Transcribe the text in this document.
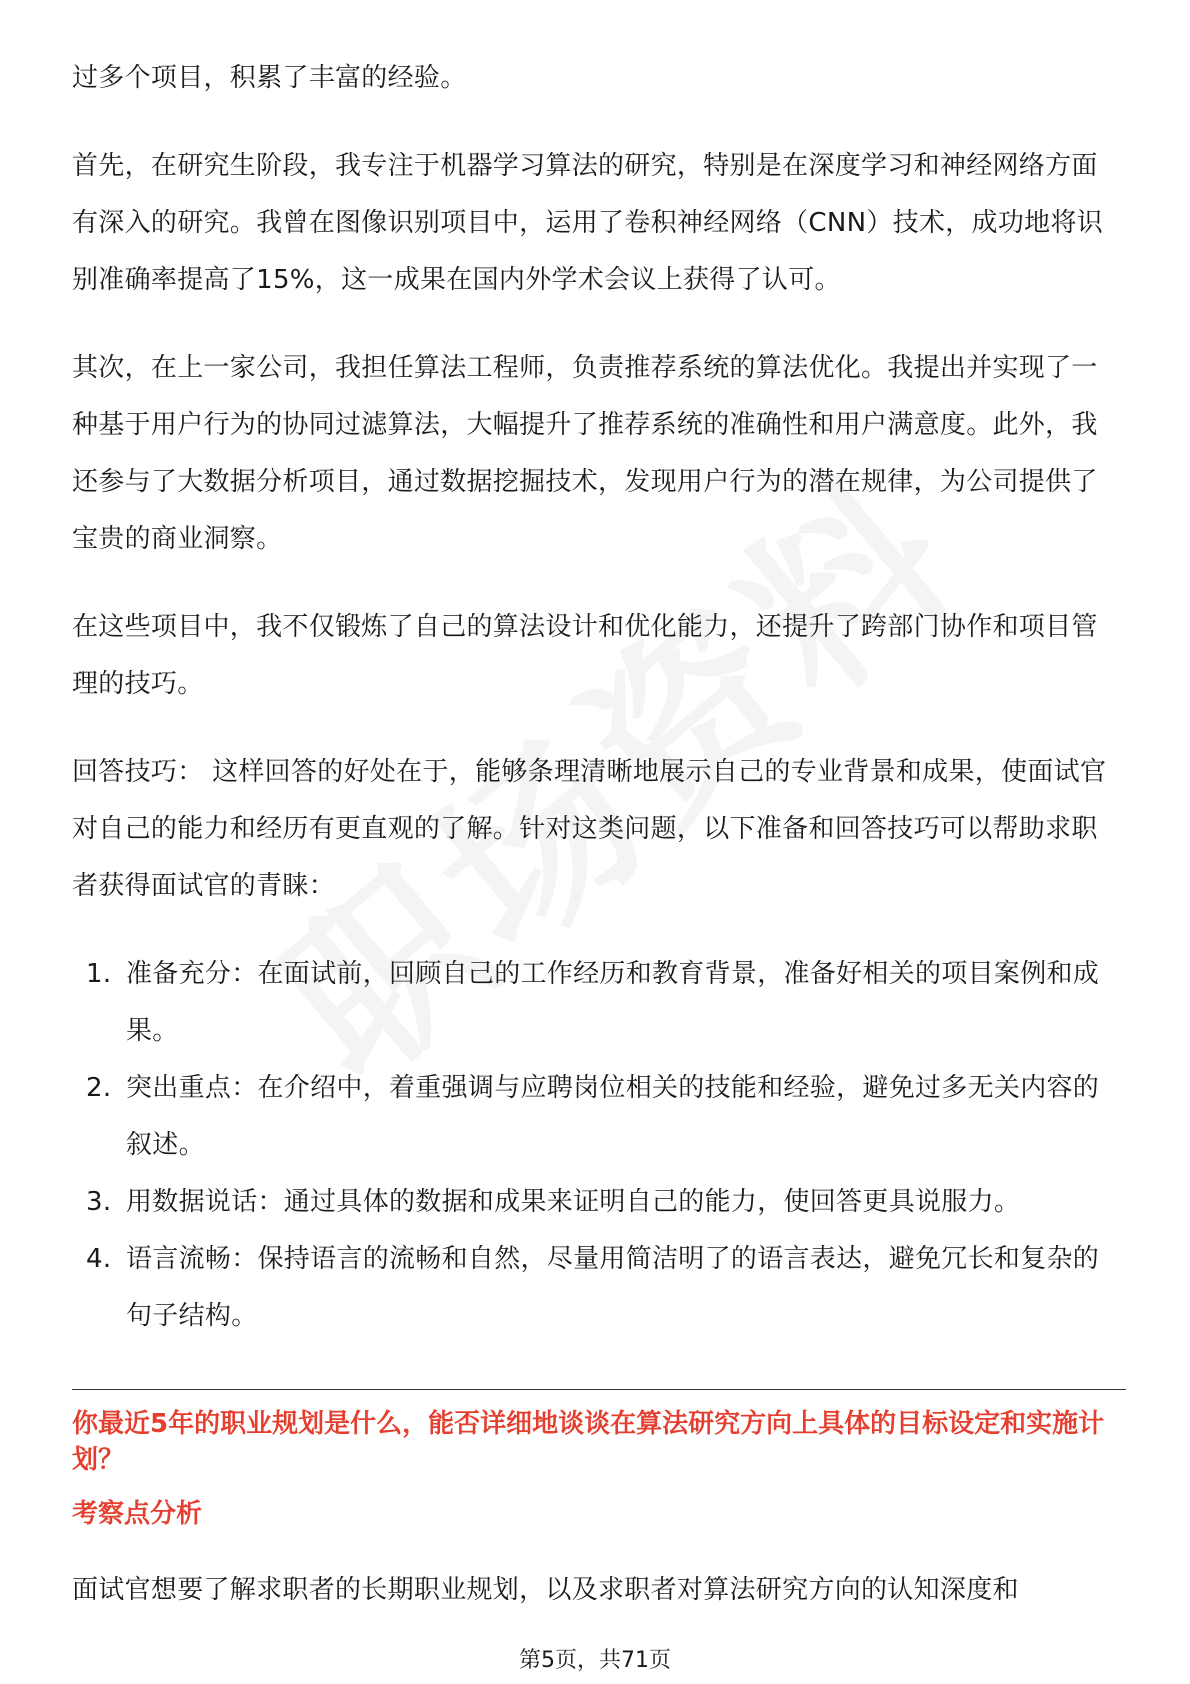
过多个项目，积累了丰富的经验。

首先，在研究生阶段，我专注于机器学习算法的研究，特别是在深度学习和神经网络方面有深入的研究。我曾在图像识别项目中，运用了卷积神经网络（CNN）技术，成功地将识别准确率提高了15%，这一成果在国内外学术会议上获得了认可。

其次，在上一家公司，我担任算法工程师，负责推荐系统的算法优化。我提出并实现了一种基于用户行为的协同过滤算法，大幅提升了推荐系统的准确性和用户满意度。此外，我还参与了大数据分析项目，通过数据挖掘技术，发现用户行为的潜在规律，为公司提供了宝贵的商业洞察。

在这些项目中，我不仅锻炼了自己的算法设计和优化能力，还提升了跨部门协作和项目管理的技巧。

回答技巧： 这样回答的好处在于，能够条理清晰地展示自己的专业背景和成果，使面试官对自己的能力和经历有更直观的了解。针对这类问题，以下准备和回答技巧可以帮助求职者获得面试官的青睐：

1. 准备充分：在面试前，回顾自己的工作经历和教育背景，准备好相关的项目案例和成果。
2. 突出重点：在介绍中，着重强调与应聘岗位相关的技能和经验，避免过多无关内容的叙述。
3. 用数据说话：通过具体的数据和成果来证明自己的能力，使回答更具说服力。
4. 语言流畅：保持语言的流畅和自然，尽量用简洁明了的语言表达，避免冗长和复杂的句子结构。
你最近5年的职业规划是什么，能否详细地谈谈在算法研究方向上具体的目标设定和实施计划？
考察点分析

面试官想要了解求职者的长期职业规划，以及求职者对算法研究方向的认知深度和

第5页，共71页
